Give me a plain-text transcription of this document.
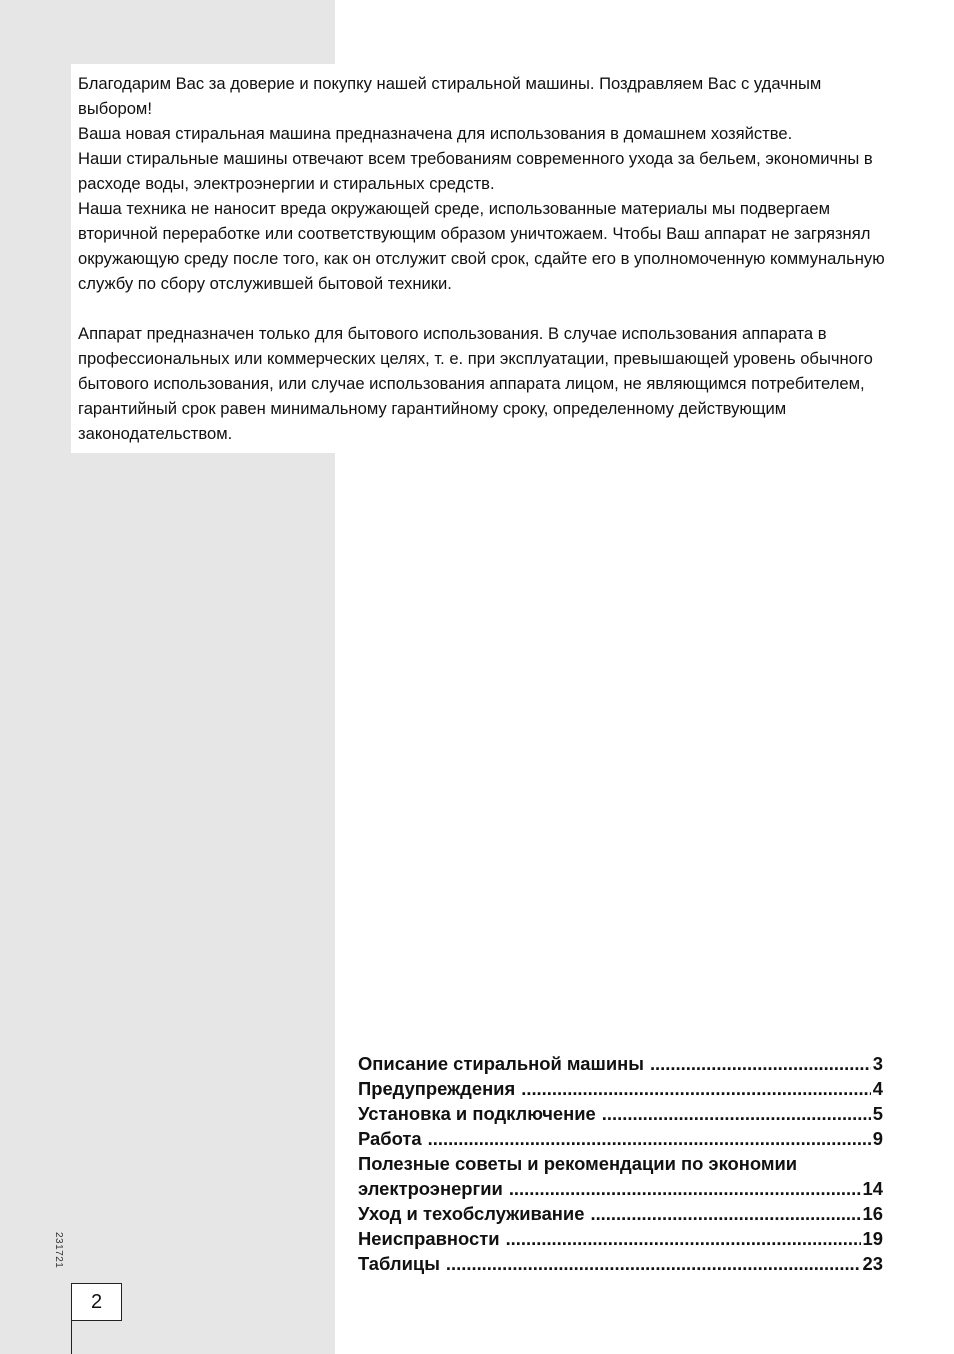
Благодарим Вас за доверие и покупку нашей стиральной машины. Поздравляем Вас с удачным выбором!

Ваша новая стиральная машина предназначена для использования в домашнем хозяйстве.

Наши стиральные машины отвечают всем требованиям современного ухода за бельем, экономичны в расходе воды, электроэнергии и стиральных средств.

Наша техника не наносит вреда окружающей среде, использованные материалы мы подвергаем вторичной переработке или соответствующим образом уничтожаем. Чтобы Ваш аппарат не загрязнял окружающую среду после того, как он отслужит свой срок, сдайте его в уполномоченную коммунальную службу по сбору отслужившей бытовой техники.

Аппарат предназначен только для бытового использования. В случае использования аппарата в профессиональных или коммерческих целях, т. е. при эксплуатации, превышающей уровень обычного бытового использования, или случае использования аппарата лицом, не являющимся потребителем, гарантийный срок равен минимальному гарантийному сроку, определенному действующим законодательством.

Описание стиральной машины .....	3
Предупреждения .....	4
Установка и подключение .....	5
Работа .....	9
Полезные советы и рекомендации по экономии
электроэнергии .....	14
Уход и техобслуживание .....	16
Неисправности .....	19
Таблицы .....	23
231721
2
